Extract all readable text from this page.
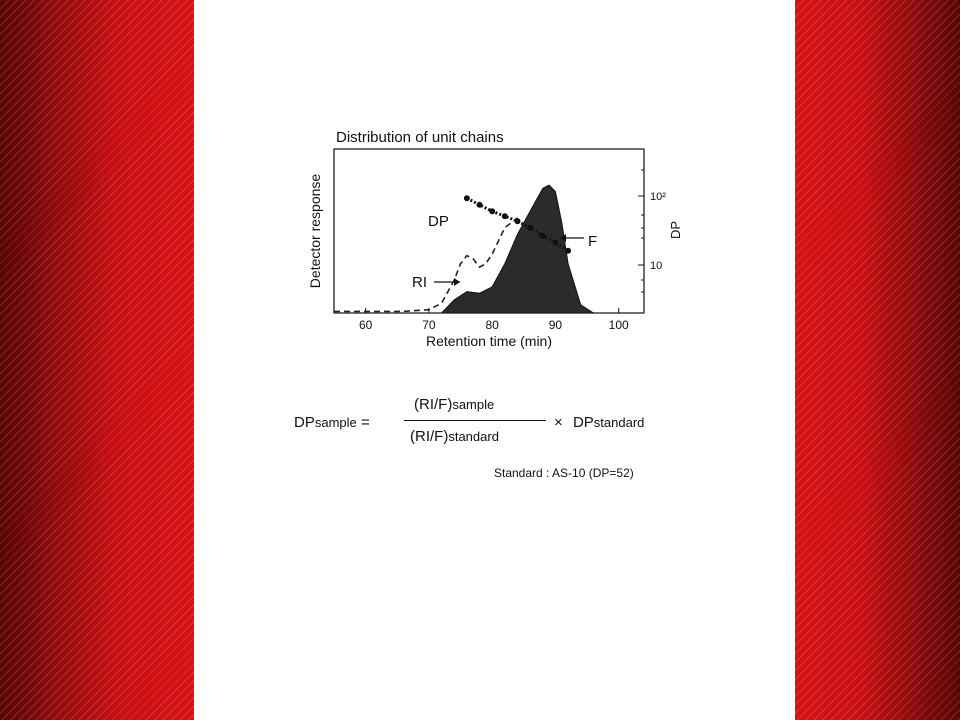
Distribution of unit chains
60	70	80	90	100
Retention time (min)
Detector response	10²
10
DP
DP
RI
F
DPsample =
(RI/F)sample
(RI/F)standard
× DPstandard
Standard : AS-10 (DP=52)
